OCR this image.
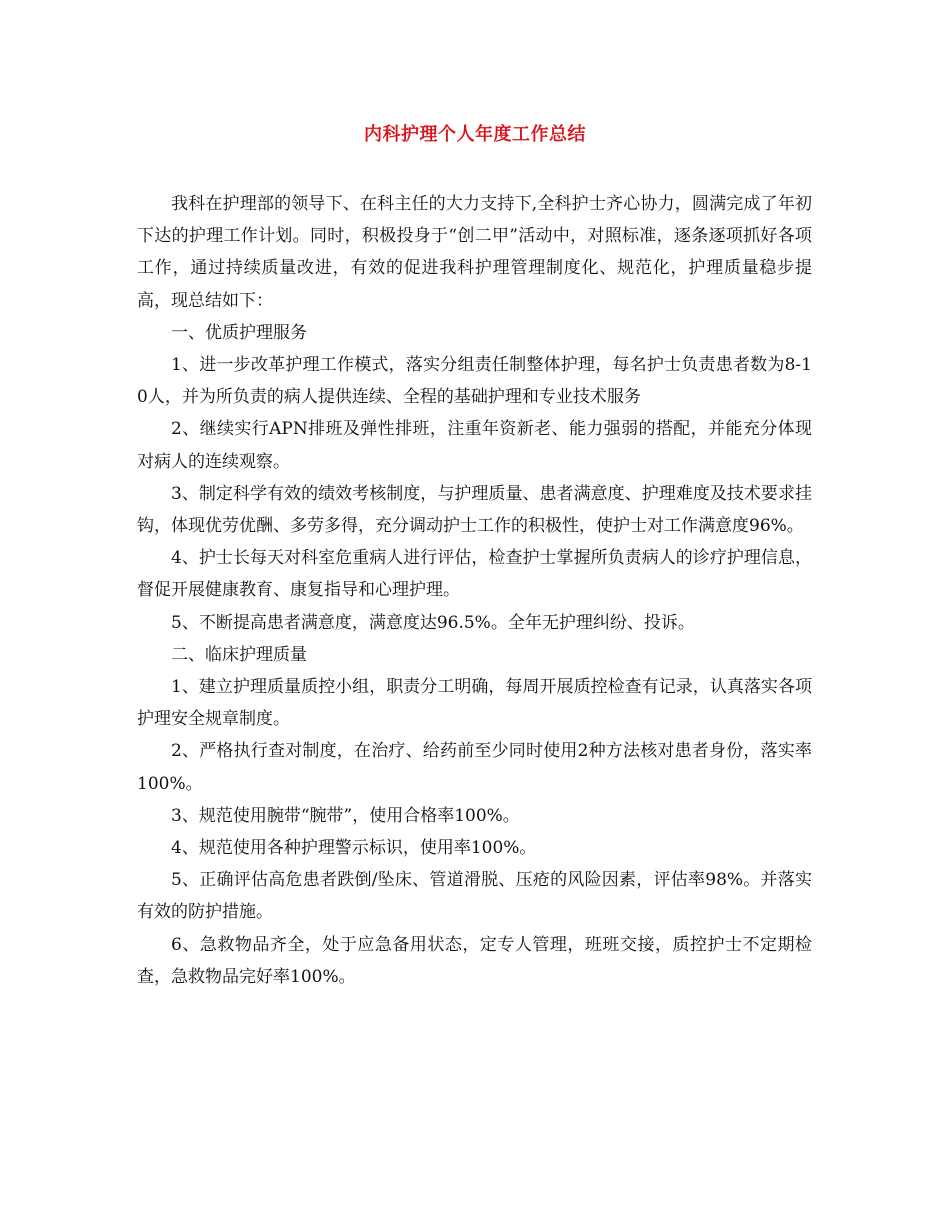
内科护理个人年度工作总结

我科在护理部的领导下、在科主任的大力支持下,全科护士齐心协力，圆满完成了年初下达的护理工作计划。同时，积极投身于“创二甲”活动中，对照标准，逐条逐项抓好各项工作，通过持续质量改进，有效的促进我科护理管理制度化、规范化，护理质量稳步提高，现总结如下：

一、优质护理服务

1、进一步改革护理工作模式，落实分组责任制整体护理，每名护士负责患者数为8-10人，并为所负责的病人提供连续、全程的基础护理和专业技术服务

2、继续实行APN排班及弹性排班，注重年资新老、能力强弱的搭配，并能充分体现对病人的连续观察。

3、制定科学有效的绩效考核制度，与护理质量、患者满意度、护理难度及技术要求挂钩，体现优劳优酬、多劳多得，充分调动护士工作的积极性，使护士对工作满意度96%。

4、护士长每天对科室危重病人进行评估，检查护士掌握所负责病人的诊疗护理信息，督促开展健康教育、康复指导和心理护理。

5、不断提高患者满意度，满意度达96.5%。全年无护理纠纷、投诉。

二、临床护理质量

1、建立护理质量质控小组，职责分工明确，每周开展质控检查有记录，认真落实各项护理安全规章制度。

2、严格执行查对制度，在治疗、给药前至少同时使用2种方法核对患者身份，落实率100%。

3、规范使用腕带“腕带”，使用合格率100%。

4、规范使用各种护理警示标识，使用率100%。

5、正确评估高危患者跌倒/坠床、管道滑脱、压疮的风险因素，评估率98%。并落实有效的防护措施。

6、急救物品齐全，处于应急备用状态，定专人管理，班班交接，质控护士不定期检查，急救物品完好率100%。
